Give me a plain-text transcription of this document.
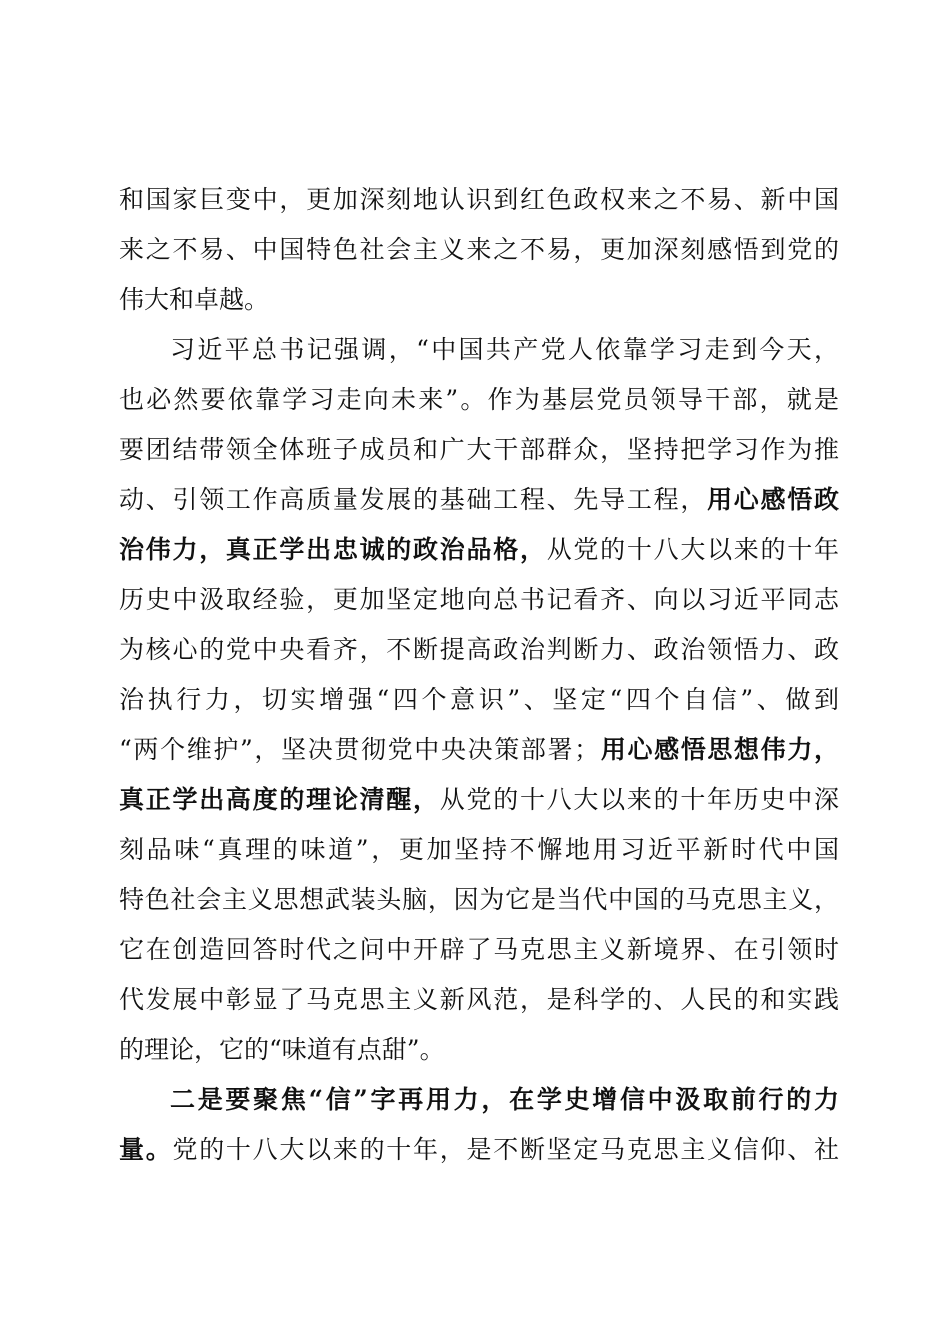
和国家巨变中，更加深刻地认识到红色政权来之不易、新中国
来之不易、中国特色社会主义来之不易，更加深刻感悟到党的
伟大和卓越。
习近平总书记强调，“中国共产党人依靠学习走到今天，
也必然要依靠学习走向未来”。作为基层党员领导干部，就是
要团结带领全体班子成员和广大干部群众，坚持把学习作为推
动、引领工作高质量发展的基础工程、先导工程，用心感悟政
治伟力，真正学出忠诚的政治品格，从党的十八大以来的十年
历史中汲取经验，更加坚定地向总书记看齐、向以习近平同志
为核心的党中央看齐，不断提高政治判断力、政治领悟力、政
治执行力，切实增强“四个意识”、坚定“四个自信”、做到
“两个维护”，坚决贯彻党中央决策部署；用心感悟思想伟力，
真正学出高度的理论清醒，从党的十八大以来的十年历史中深
刻品味“真理的味道”，更加坚持不懈地用习近平新时代中国
特色社会主义思想武装头脑，因为它是当代中国的马克思主义，
它在创造回答时代之问中开辟了马克思主义新境界、在引领时
代发展中彰显了马克思主义新风范，是科学的、人民的和实践
的理论，它的“味道有点甜”。
二是要聚焦“信”字再用力，在学史增信中汲取前行的力
量。党的十八大以来的十年，是不断坚定马克思主义信仰、社
